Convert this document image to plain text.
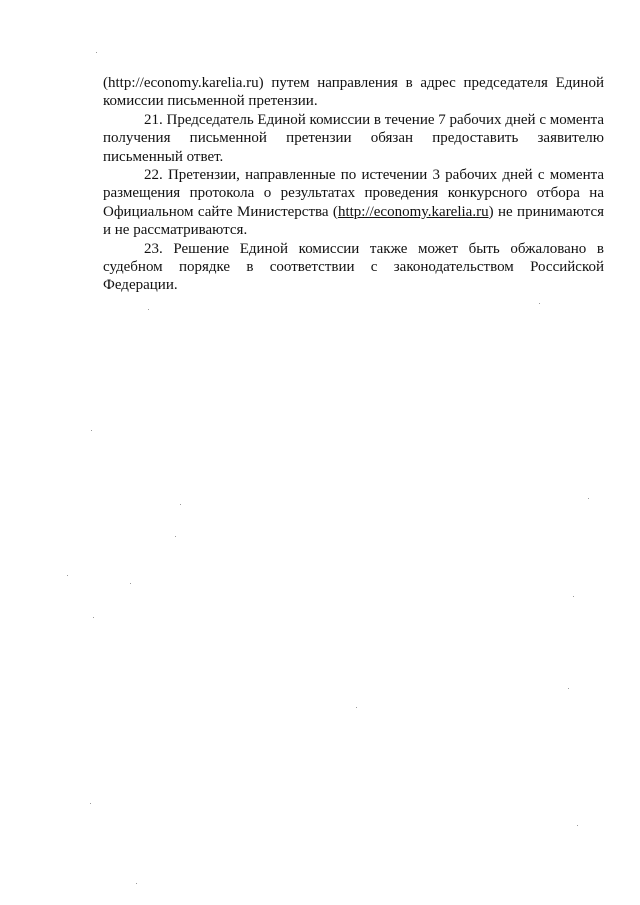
(http://economy.karelia.ru) путем направления в адрес председателя Единой комиссии письменной претензии.

21. Председатель Единой комиссии в течение 7 рабочих дней с момента получения письменной претензии обязан предоставить заявителю письменный ответ.

22. Претензии, направленные по истечении 3 рабочих дней с момента размещения протокола о результатах проведения конкурсного отбора на Официальном сайте Министерства (http://economy.karelia.ru) не принимаются и не рассматриваются.

23. Решение Единой комиссии также может быть обжаловано в судебном порядке в соответствии с законодательством Российской Федерации.
